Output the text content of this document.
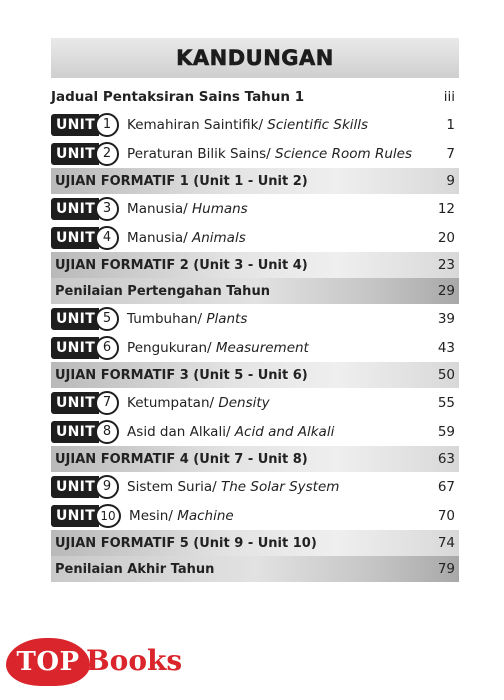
KANDUNGAN
Jadual Pentaksiran Sains Tahun 1	iii
UNIT 1	Kemahiran Saintifik/ Scientific Skills	1
UNIT 2	Peraturan Bilik Sains/ Science Room Rules	7
UJIAN FORMATIF 1 (Unit 1 - Unit 2)	9
UNIT 3	Manusia/ Humans	12
UNIT 4	Manusia/ Animals	20
UJIAN FORMATIF 2 (Unit 3 - Unit 4)	23
Penilaian Pertengahan Tahun	29
UNIT 5	Tumbuhan/ Plants	39
UNIT 6	Pengukuran/ Measurement	43
UJIAN FORMATIF 3 (Unit 5 - Unit 6)	50
UNIT 7	Ketumpatan/ Density	55
UNIT 8	Asid dan Alkali/ Acid and Alkali	59
UJIAN FORMATIF 4 (Unit 7 - Unit 8)	63
UNIT 9	Sistem Suria/ The Solar System	67
UNIT 10 Mesin/ Machine	70
UJIAN FORMATIF 5 (Unit 9 - Unit 10)	74
Penilaian Akhir Tahun	79
TOP Books
